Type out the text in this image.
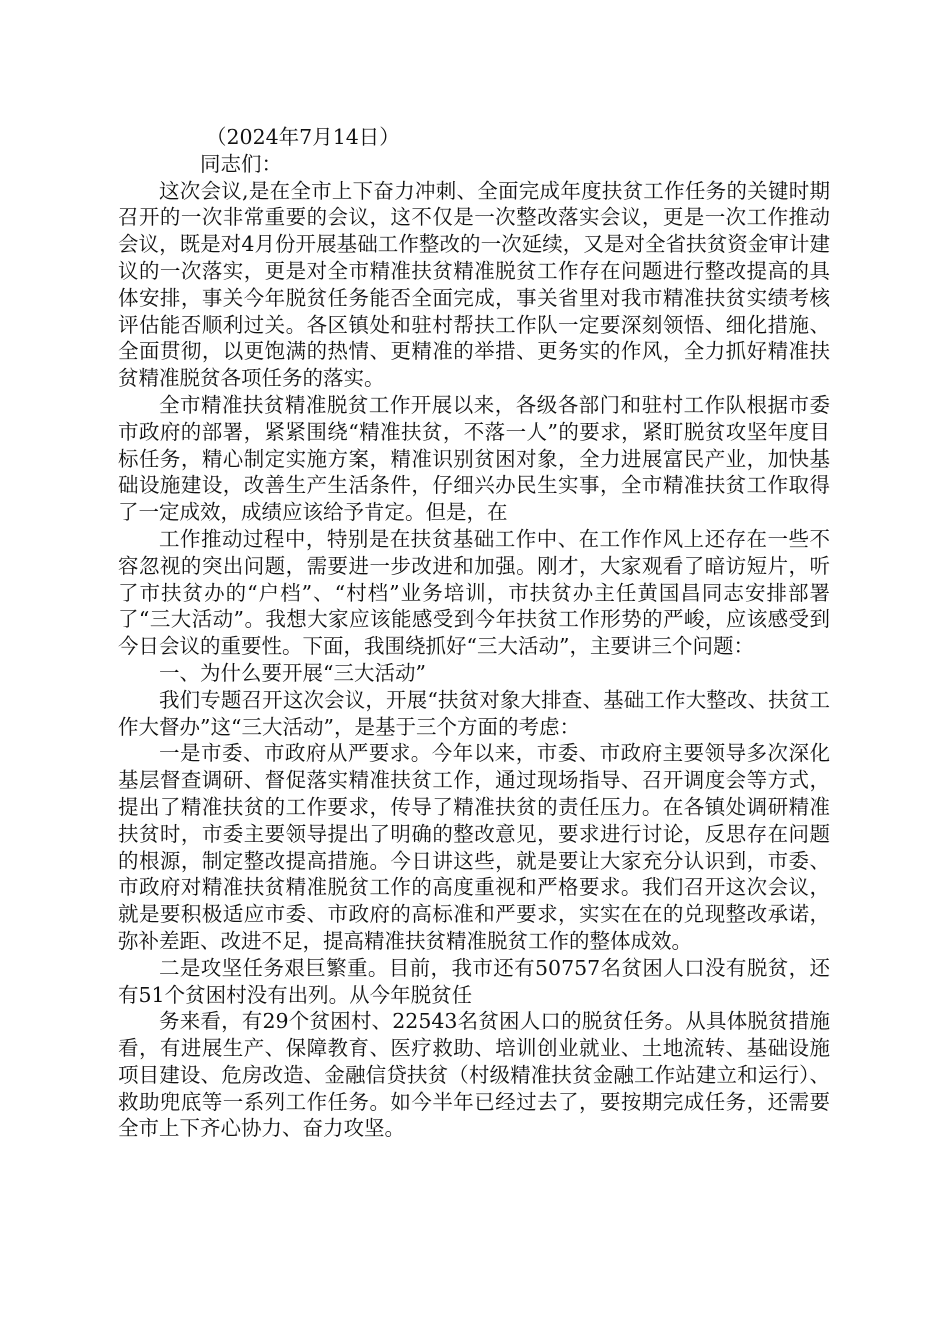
（2024年7月14日）

同志们：

这次会议,是在全市上下奋力冲刺、全面完成年度扶贫工作任务的关键时期召开的一次非常重要的会议，这不仅是一次整改落实会议，更是一次工作推动会议，既是对4月份开展基础工作整改的一次延续，又是对全省扶贫资金审计建议的一次落实，更是对全市精准扶贫精准脱贫工作存在问题进行整改提高的具体安排，事关今年脱贫任务能否全面完成，事关省里对我市精准扶贫实绩考核评估能否顺利过关。各区镇处和驻村帮扶工作队一定要深刻领悟、细化措施、全面贯彻，以更饱满的热情、更精准的举措、更务实的作风，全力抓好精准扶贫精准脱贫各项任务的落实。

全市精准扶贫精准脱贫工作开展以来，各级各部门和驻村工作队根据市委市政府的部署，紧紧围绕“精准扶贫，不落一人”的要求，紧盯脱贫攻坚年度目标任务，精心制定实施方案，精准识别贫困对象，全力进展富民产业，加快基础设施建设，改善生产生活条件，仔细兴办民生实事，全市精准扶贫工作取得了一定成效，成绩应该给予肯定。但是，在

工作推动过程中，特别是在扶贫基础工作中、在工作作风上还存在一些不容忽视的突出问题，需要进一步改进和加强。刚才，大家观看了暗访短片，听了市扶贫办的“户档”、“村档”业务培训，市扶贫办主任黄国昌同志安排部署了“三大活动”。我想大家应该能感受到今年扶贫工作形势的严峻，应该感受到今日会议的重要性。下面，我围绕抓好“三大活动”，主要讲三个问题：

一、为什么要开展“三大活动”

我们专题召开这次会议，开展“扶贫对象大排查、基础工作大整改、扶贫工作大督办”这“三大活动”，是基于三个方面的考虑：

一是市委、市政府从严要求。今年以来，市委、市政府主要领导多次深化基层督查调研、督促落实精准扶贫工作，通过现场指导、召开调度会等方式，提出了精准扶贫的工作要求，传导了精准扶贫的责任压力。在各镇处调研精准扶贫时，市委主要领导提出了明确的整改意见，要求进行讨论，反思存在问题的根源，制定整改提高措施。今日讲这些，就是要让大家充分认识到，市委、市政府对精准扶贫精准脱贫工作的高度重视和严格要求。我们召开这次会议，就是要积极适应市委、市政府的高标准和严要求，实实在在的兑现整改承诺，弥补差距、改进不足，提高精准扶贫精准脱贫工作的整体成效。

二是攻坚任务艰巨繁重。目前，我市还有50757名贫困人口没有脱贫，还有51个贫困村没有出列。从今年脱贫任

务来看，有29个贫困村、22543名贫困人口的脱贫任务。从具体脱贫措施看，有进展生产、保障教育、医疗救助、培训创业就业、土地流转、基础设施项目建设、危房改造、金融信贷扶贫（村级精准扶贫金融工作站建立和运行）、救助兜底等一系列工作任务。如今半年已经过去了，要按期完成任务，还需要全市上下齐心协力、奋力攻坚。
